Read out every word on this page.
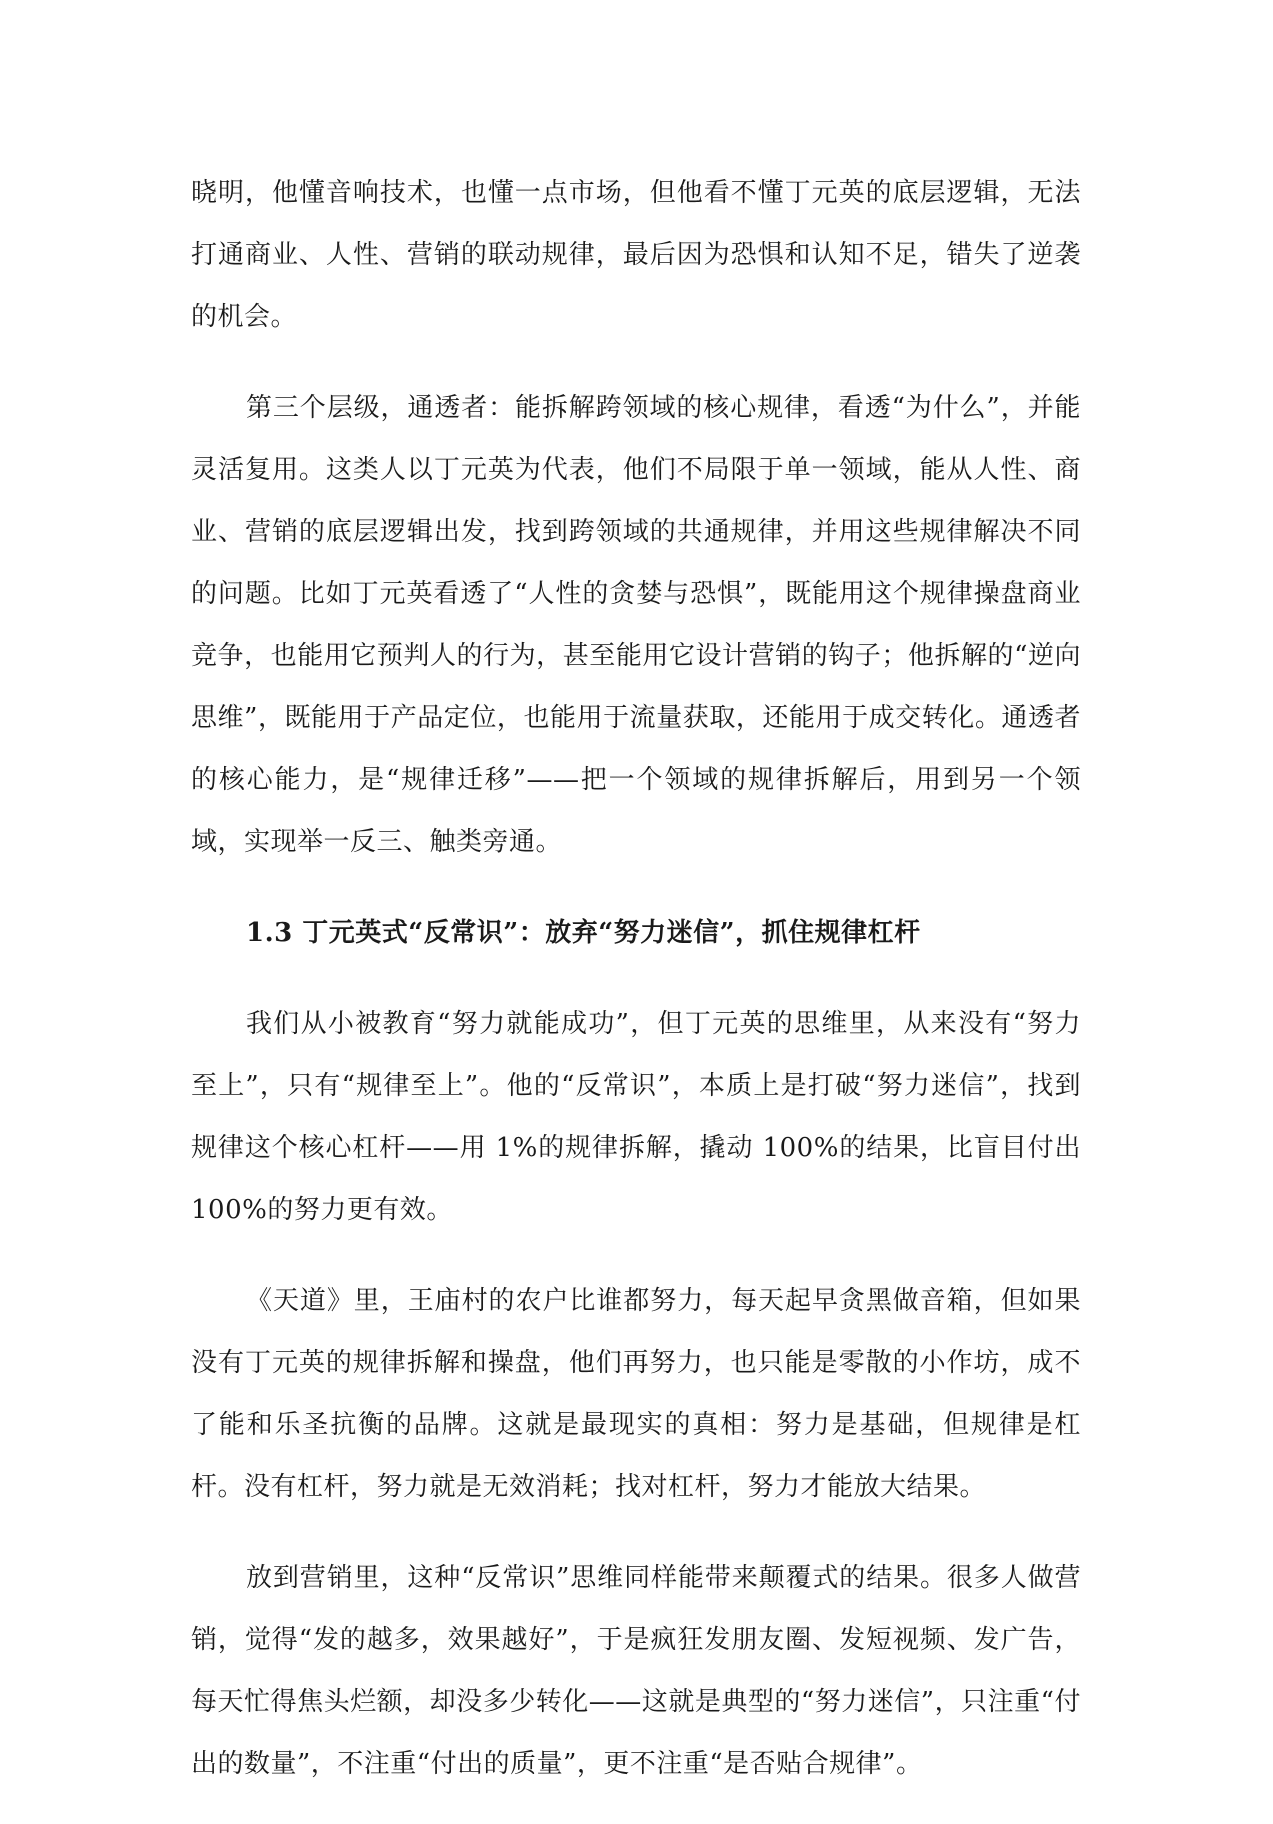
晓明，他懂音响技术，也懂一点市场，但他看不懂丁元英的底层逻辑，无法打通商业、人性、营销的联动规律，最后因为恐惧和认知不足，错失了逆袭的机会。

第三个层级，通透者：能拆解跨领域的核心规律，看透“为什么”，并能灵活复用。这类人以丁元英为代表，他们不局限于单一领域，能从人性、商业、营销的底层逻辑出发，找到跨领域的共通规律，并用这些规律解决不同的问题。比如丁元英看透了“人性的贪婪与恐惧”，既能用这个规律操盘商业竞争，也能用它预判人的行为，甚至能用它设计营销的钩子；他拆解的“逆向思维”，既能用于产品定位，也能用于流量获取，还能用于成交转化。通透者的核心能力，是“规律迁移”——把一个领域的规律拆解后，用到另一个领域，实现举一反三、触类旁通。

1.3 丁元英式“反常识”：放弃“努力迷信”，抓住规律杠杆

我们从小被教育“努力就能成功”，但丁元英的思维里，从来没有“努力至上”，只有“规律至上”。他的“反常识”，本质上是打破“努力迷信”，找到规律这个核心杠杆——用 1%的规律拆解，撬动 100%的结果，比盲目付出 100%的努力更有效。

《天道》里，王庙村的农户比谁都努力，每天起早贪黑做音箱，但如果没有丁元英的规律拆解和操盘，他们再努力，也只能是零散的小作坊，成不了能和乐圣抗衡的品牌。这就是最现实的真相：努力是基础，但规律是杠杆。没有杠杆，努力就是无效消耗；找对杠杆，努力才能放大结果。

放到营销里，这种“反常识”思维同样能带来颠覆式的结果。很多人做营销，觉得“发的越多，效果越好”，于是疯狂发朋友圈、发短视频、发广告，每天忙得焦头烂额，却没多少转化——这就是典型的“努力迷信”，只注重“付出的数量”，不注重“付出的质量”，更不注重“是否贴合规律”。
